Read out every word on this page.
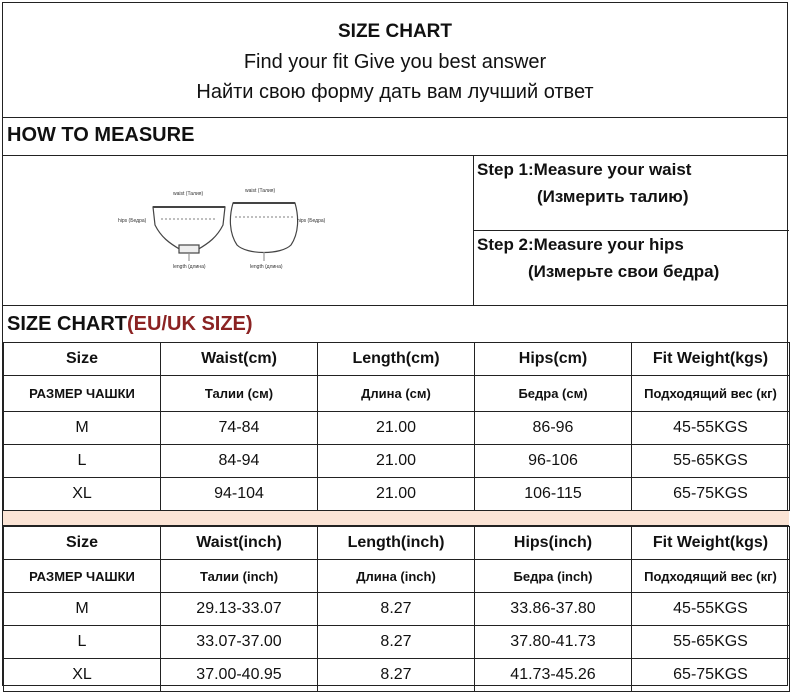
SIZE CHART
Find your fit Give you best answer
Найти свою форму дать вам лучший ответ
HOW TO MEASURE
waist (Талия)	waist (Талия)
hips (Бедра)	hips (Бедра)
length (длина)	length (длина)
Step 1:Measure your waist
(Измерить талию)
Step 2:Measure your hips
(Измерьте свои бедра)
SIZE CHART(EU/UK SIZE)
Size	Waist(cm)	Length(cm)	Hips(cm)	Fit Weight(kgs)
РАЗМЕР ЧАШКИ	Талии (см)	Длина (см)	Бедра (см)	Подходящий вес (кг)
M	74-84	21.00	86-96	45-55KGS
L	84-94	21.00	96-106	55-65KGS
XL	94-104	21.00	106-115	65-75KGS
Size	Waist(inch)	Length(inch)	Hips(inch)	Fit Weight(kgs)
РАЗМЕР ЧАШКИ	Талии (inch)	Длина (inch)	Бедра (inch)	Подходящий вес (кг)
M	29.13-33.07	8.27	33.86-37.80	45-55KGS
L	33.07-37.00	8.27	37.80-41.73	55-65KGS
XL	37.00-40.95	8.27	41.73-45.26	65-75KGS
